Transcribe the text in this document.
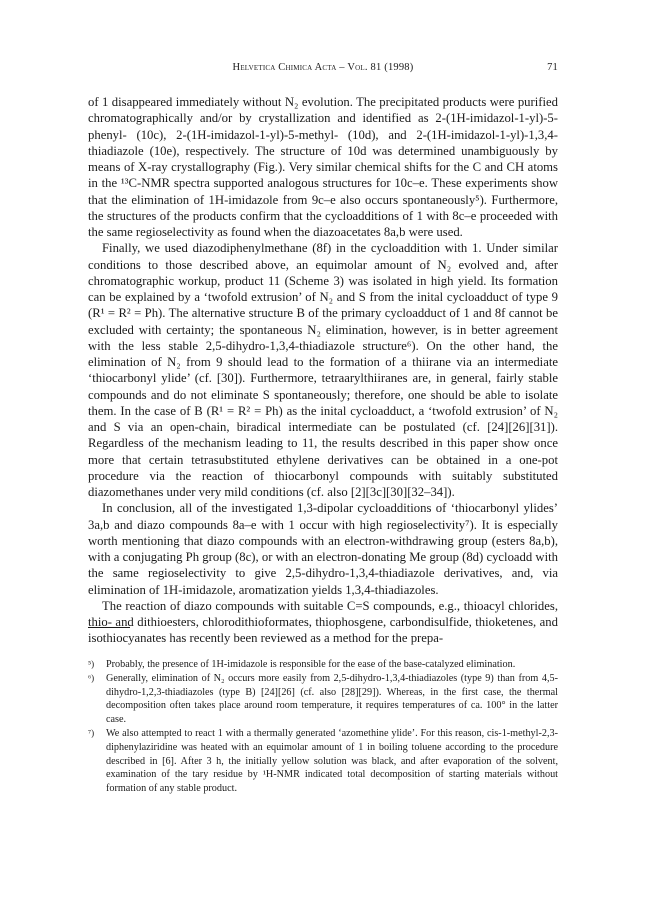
Helvetica Chimica Acta – Vol. 81 (1998)	71

of 1 disappeared immediately without N₂ evolution. The precipitated products were purified chromatographically and/or by crystallization and identified as 2-(1H-imidazol-1-yl)-5-phenyl- (10c), 2-(1H-imidazol-1-yl)-5-methyl- (10d), and 2-(1H-imidazol-1-yl)-1,3,4-thiadiazole (10e), respectively. The structure of 10d was determined unambiguously by means of X-ray crystallography (Fig.). Very similar chemical shifts for the C and CH atoms in the ¹³C-NMR spectra supported analogous structures for 10c–e. These experiments show that the elimination of 1H-imidazole from 9c–e also occurs spontaneously⁵). Furthermore, the structures of the products confirm that the cycloadditions of 1 with 8c–e proceeded with the same regioselectivity as found when the diazoacetates 8a,b were used.

Finally, we used diazodiphenylmethane (8f) in the cycloaddition with 1. Under similar conditions to those described above, an equimolar amount of N₂ evolved and, after chromatographic workup, product 11 (Scheme 3) was isolated in high yield. Its formation can be explained by a ‘twofold extrusion’ of N₂ and S from the inital cycloadduct of type 9 (R¹ = R² = Ph). The alternative structure B of the primary cycloadduct of 1 and 8f cannot be excluded with certainty; the spontaneous N₂ elimination, however, is in better agreement with the less stable 2,5-dihydro-1,3,4-thiadiazole structure⁶). On the other hand, the elimination of N₂ from 9 should lead to the formation of a thiirane via an intermediate ‘thiocarbonyl ylide’ (cf. [30]). Furthermore, tetraarylthiiranes are, in general, fairly stable compounds and do not eliminate S spontaneously; therefore, one should be able to isolate them. In the case of B (R¹ = R² = Ph) as the inital cycloadduct, a ‘twofold extrusion’ of N₂ and S via an open-chain, biradical intermediate can be postulated (cf. [24][26][31]). Regardless of the mechanism leading to 11, the results described in this paper show once more that certain tetrasubstituted ethylene derivatives can be obtained in a one-pot procedure via the reaction of thiocarbonyl compounds with suitably substituted diazomethanes under very mild conditions (cf. also [2][3c][30][32–34]).

In conclusion, all of the investigated 1,3-dipolar cycloadditions of ‘thiocarbonyl ylides’ 3a,b and diazo compounds 8a–e with 1 occur with high regioselectivity⁷). It is especially worth mentioning that diazo compounds with an electron-withdrawing group (esters 8a,b), with a conjugating Ph group (8c), or with an electron-donating Me group (8d) cycloadd with the same regioselectivity to give 2,5-dihydro-1,3,4-thiadiazole derivatives, and, via elimination of 1H-imidazole, aromatization yields 1,3,4-thiadiazoles.

The reaction of diazo compounds with suitable C=S compounds, e.g., thioacyl chlorides, thio- and dithioesters, chlorodithioformates, thiophosgene, carbondisulfide, thioketenes, and isothiocyanates has recently been reviewed as a method for the prepa-

⁵) Probably, the presence of 1H-imidazole is responsible for the ease of the base-catalyzed elimination.
⁶) Generally, elimination of N₂ occurs more easily from 2,5-dihydro-1,3,4-thiadiazoles (type 9) than from 4,5-dihydro-1,2,3-thiadiazoles (type B) [24][26] (cf. also [28][29]). Whereas, in the first case, the thermal decomposition often takes place around room temperature, it requires temperatures of ca. 100° in the latter case.
⁷) We also attempted to react 1 with a thermally generated ‘azomethine ylide’. For this reason, cis-1-methyl-2,3-diphenylaziridine was heated with an equimolar amount of 1 in boiling toluene according to the procedure described in [6]. After 3 h, the initially yellow solution was black, and after evaporation of the solvent, examination of the tary residue by ¹H-NMR indicated total decomposition of starting materials without formation of any stable product.
